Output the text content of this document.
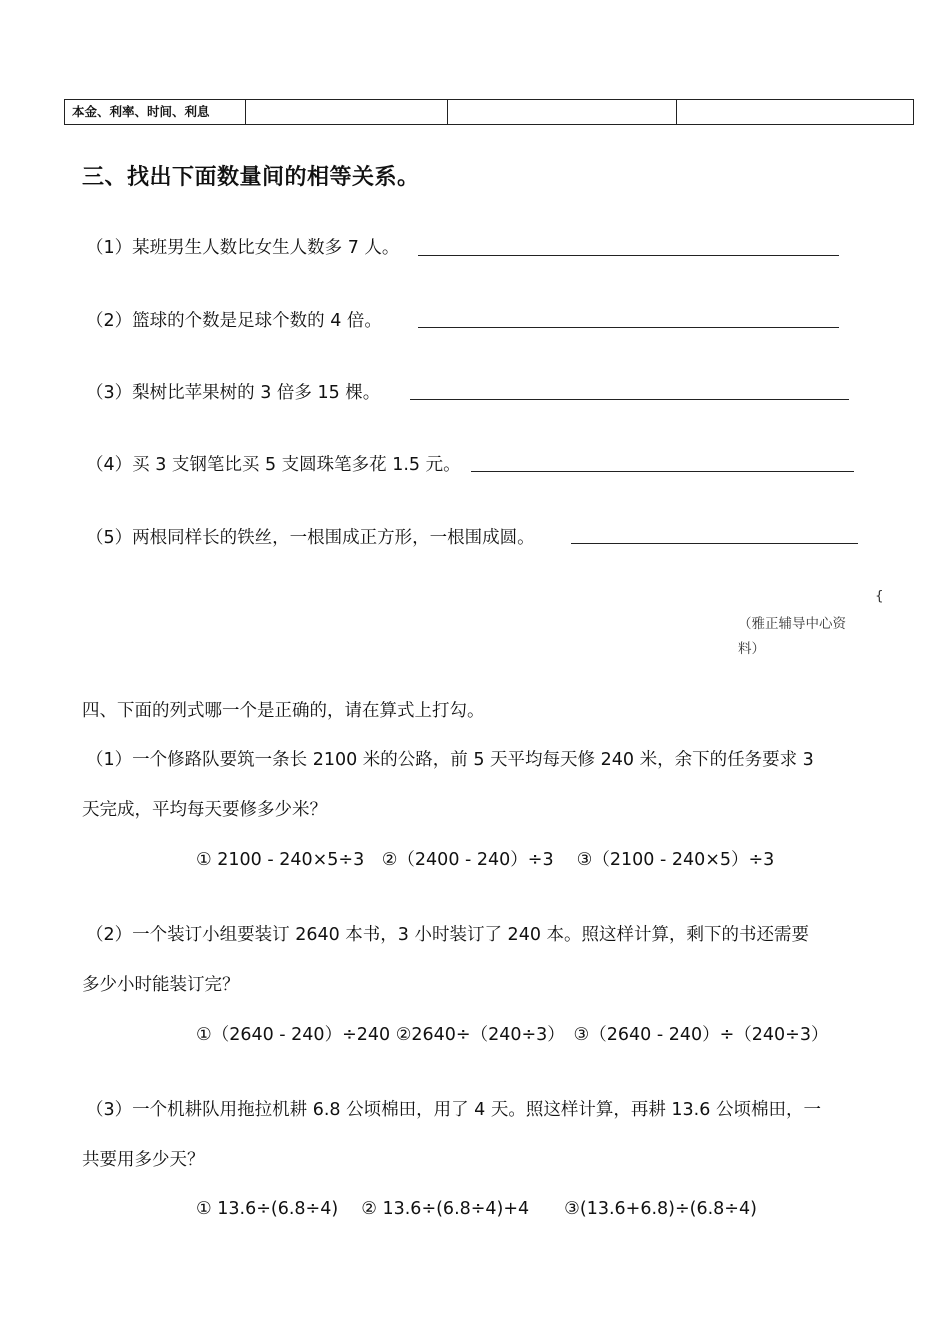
本金、利率、时间、利息
三、找出下面数量间的相等关系。
（1）某班男生人数比女生人数多 7 人。
（2）篮球的个数是足球个数的 4 倍。
（3）梨树比苹果树的 3 倍多 15 棵。
（4）买 3 支钢笔比买 5 支圆珠笔多花 1.5 元。
（5）两根同样长的铁丝，一根围成正方形，一根围成圆。
{
（雅正辅导中心资
料）
四、下面的列式哪一个是正确的，请在算式上打勾。
（1）一个修路队要筑一条长 2100 米的公路，前 5 天平均每天修 240 米，余下的任务要求 3
天完成，平均每天要修多少米？
① 2100 - 240×5÷3　②（2400 - 240）÷3　 ③（2100 - 240×5）÷3
（2）一个装订小组要装订 2640 本书，3 小时装订了 240 本。照这样计算，剩下的书还需要
多少小时能装订完？
①（2640 - 240）÷240 ②2640÷（240÷3）　③（2640 - 240）÷（240÷3）
（3）一个机耕队用拖拉机耕 6.8 公顷棉田，用了 4 天。照这样计算，再耕 13.6 公顷棉田，一
共要用多少天？
① 13.6÷(6.8÷4)　 ② 13.6÷(6.8÷4)+4　　③(13.6+6.8)÷(6.8÷4)
